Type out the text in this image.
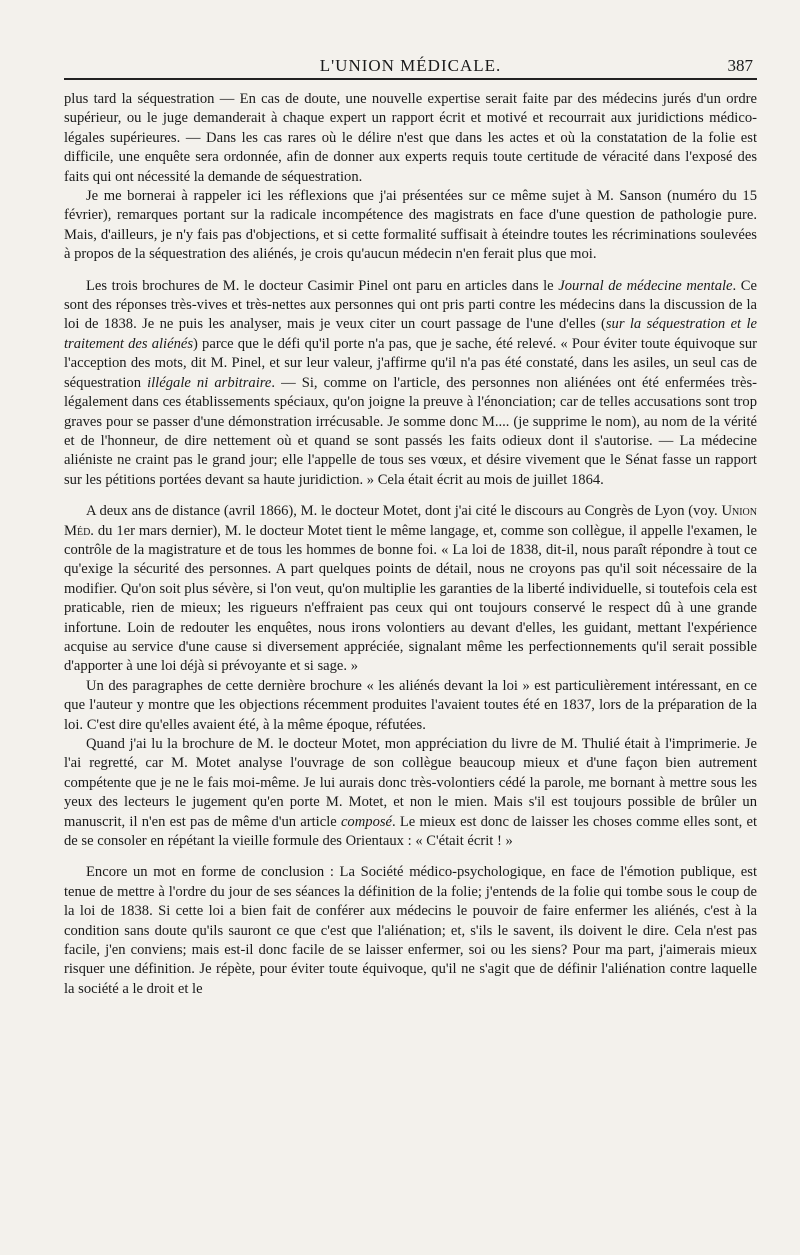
L'UNION MÉDICALE.	387

plus tard la séquestration — En cas de doute, une nouvelle expertise serait faite par des médecins jurés d'un ordre supérieur, ou le juge demanderait à chaque expert un rapport écrit et motivé et recourrait aux juridictions médico-légales supérieures. — Dans les cas rares où le délire n'est que dans les actes et où la constatation de la folie est difficile, une enquête sera ordonnée, afin de donner aux experts requis toute certitude de véracité dans l'exposé des faits qui ont nécessité la demande de séquestration.

Je me bornerai à rappeler ici les réflexions que j'ai présentées sur ce même sujet à M. Sanson (numéro du 15 février), remarques portant sur la radicale incompétence des magistrats en face d'une question de pathologie pure. Mais, d'ailleurs, je n'y fais pas d'objections, et si cette formalité suffisait à éteindre toutes les récriminations soulevées à propos de la séquestration des aliénés, je crois qu'aucun médecin n'en ferait plus que moi.

Les trois brochures de M. le docteur Casimir Pinel ont paru en articles dans le Journal de médecine mentale. Ce sont des réponses très-vives et très-nettes aux personnes qui ont pris parti contre les médecins dans la discussion de la loi de 1838. Je ne puis les analyser, mais je veux citer un court passage de l'une d'elles (sur la séquestration et le traitement des aliénés) parce que le défi qu'il porte n'a pas, que je sache, été relevé. « Pour éviter toute équivoque sur l'acception des mots, dit M. Pinel, et sur leur valeur, j'affirme qu'il n'a pas été constaté, dans les asiles, un seul cas de séquestration illégale ni arbitraire. — Si, comme on l'article, des personnes non aliénées ont été enfermées très-légalement dans ces établissements spéciaux, qu'on joigne la preuve à l'énonciation; car de telles accusations sont trop graves pour se passer d'une démonstration irrécusable. Je somme donc M.... (je supprime le nom), au nom de la vérité et de l'honneur, de dire nettement où et quand se sont passés les faits odieux dont il s'autorise. — La médecine aliéniste ne craint pas le grand jour; elle l'appelle de tous ses vœux, et désire vivement que le Sénat fasse un rapport sur les pétitions portées devant sa haute juridiction. » Cela était écrit au mois de juillet 1864.

A deux ans de distance (avril 1866), M. le docteur Motet, dont j'ai cité le discours au Congrès de Lyon (voy. Union Méd. du 1er mars dernier), M. le docteur Motet tient le même langage, et, comme son collègue, il appelle l'examen, le contrôle de la magistrature et de tous les hommes de bonne foi. « La loi de 1838, dit-il, nous paraît répondre à tout ce qu'exige la sécurité des personnes. A part quelques points de détail, nous ne croyons pas qu'il soit nécessaire de la modifier. Qu'on soit plus sévère, si l'on veut, qu'on multiplie les garanties de la liberté individuelle, si toutefois cela est praticable, rien de mieux; les rigueurs n'effraient pas ceux qui ont toujours conservé le respect dû à une grande infortune. Loin de redouter les enquêtes, nous irons volontiers au devant d'elles, les guidant, mettant l'expérience acquise au service d'une cause si diversement appréciée, signalant même les perfectionnements qu'il serait possible d'apporter à une loi déjà si prévoyante et si sage. »

Un des paragraphes de cette dernière brochure « les aliénés devant la loi » est particulièrement intéressant, en ce que l'auteur y montre que les objections récemment produites l'avaient toutes été en 1837, lors de la préparation de la loi. C'est dire qu'elles avaient été, à la même époque, réfutées.

Quand j'ai lu la brochure de M. le docteur Motet, mon appréciation du livre de M. Thulié était à l'imprimerie. Je l'ai regretté, car M. Motet analyse l'ouvrage de son collègue beaucoup mieux et d'une façon bien autrement compétente que je ne le fais moi-même. Je lui aurais donc très-volontiers cédé la parole, me bornant à mettre sous les yeux des lecteurs le jugement qu'en porte M. Motet, et non le mien. Mais s'il est toujours possible de brûler un manuscrit, il n'en est pas de même d'un article composé. Le mieux est donc de laisser les choses comme elles sont, et de se consoler en répétant la vieille formule des Orientaux : « C'était écrit ! »

Encore un mot en forme de conclusion : La Société médico-psychologique, en face de l'émotion publique, est tenue de mettre à l'ordre du jour de ses séances la définition de la folie; j'entends de la folie qui tombe sous le coup de la loi de 1838. Si cette loi a bien fait de conférer aux médecins le pouvoir de faire enfermer les aliénés, c'est à la condition sans doute qu'ils sauront ce que c'est que l'aliénation; et, s'ils le savent, ils doivent le dire. Cela n'est pas facile, j'en conviens; mais est-il donc facile de se laisser enfermer, soi ou les siens? Pour ma part, j'aimerais mieux risquer une définition. Je répète, pour éviter toute équivoque, qu'il ne s'agit que de définir l'aliénation contre laquelle la société a le droit et le
